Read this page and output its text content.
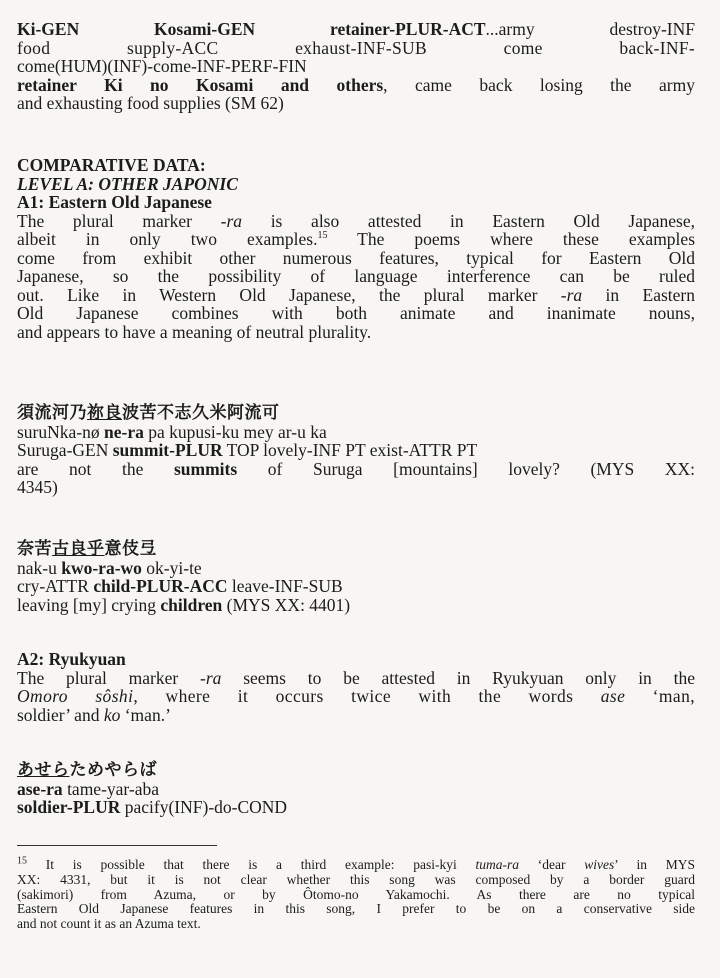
Ki-GEN Kosami-GEN retainer-PLUR-ACT...army destroy-INF
food supply-ACC exhaust-INF-SUB come back-INF-
come(HUM)(INF)-come-INF-PERF-FIN
retainer Ki no Kosami and others, came back losing the army
and exhausting food supplies (SM 62)
COMPARATIVE DATA:
LEVEL A: OTHER JAPONIC
A1: Eastern Old Japanese
The plural marker -ra is also attested in Eastern Old Japanese,
albeit in only two examples.$^{15}$ The poems where these examples
come from exhibit other numerous features, typical for Eastern Old
Japanese, so the possibility of language interference can be ruled
out. Like in Western Old Japanese, the plural marker -ra in Eastern
Old Japanese combines with both animate and inanimate nouns,
and appears to have a meaning of neutral plurality.
須流河乃祢良波苦不志久米阿流可
suruNka-nø ne-ra pa kupusi-ku mey ar-u ka
Suruga-GEN summit-PLUR TOP lovely-INF PT exist-ATTR PT
are not the summits of Suruga [mountains] lovely? (MYS XX:
4345)
奈苦古良乎意伎弖
nak-u kwo-ra-wo ok-yi-te
cry-ATTR child-PLUR-ACC leave-INF-SUB
leaving [my] crying children (MYS XX: 4401)
A2: Ryukyuan
The plural marker -ra seems to be attested in Ryukyuan only in the
Omoro sôshi, where it occurs twice with the words ase ‘man,
soldier’ and ko ‘man.’
あせらためやらば
ase-ra tame-yar-aba
soldier-PLUR pacify(INF)-do-COND
$^{15}$ It is possible that there is a third example: pasi-kyi tuma-ra ‘dear wives’ in MYS
XX: 4331, but it is not clear whether this song was composed by a border guard
(sakimori) from Azuma, or by Ôtomo-no Yakamochi. As there are no typical
Eastern Old Japanese features in this song, I prefer to be on a conservative side
and not count it as an Azuma text.
